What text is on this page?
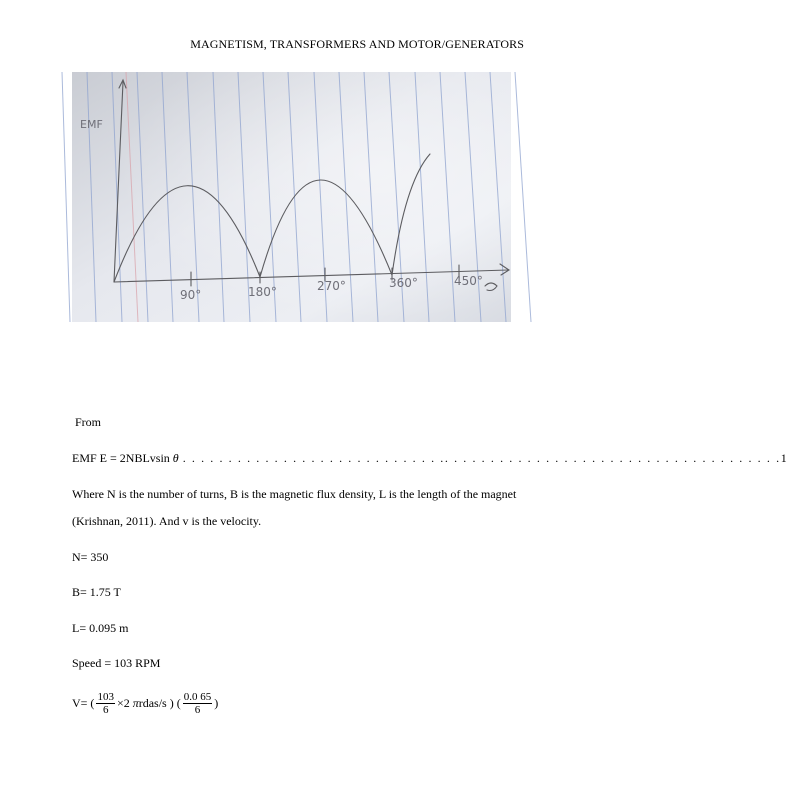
MAGNETISM, TRANSFORMERS AND MOTOR/GENERATORS
EMF
90°	180°	270°	360°	450°
From
EMF E = 2NBLvsin θ . . . . . . . . . . . . . . . . . . . . . . . . . . . . .. . . . . . . . . . . . . . . . . . . . . . . . . . . . . . . . . . . . . 1
Where N is the number of turns, B is the magnetic flux density, L is the length of the magnet
(Krishnan, 2011). And v is the velocity.
N= 350
B= 1.75 T
L= 0.095 m
Speed = 103 RPM
V= ( $\frac{103}{6} \times 2$ π rdas/s ) ( $\frac{0.0 65}{6}$ )
